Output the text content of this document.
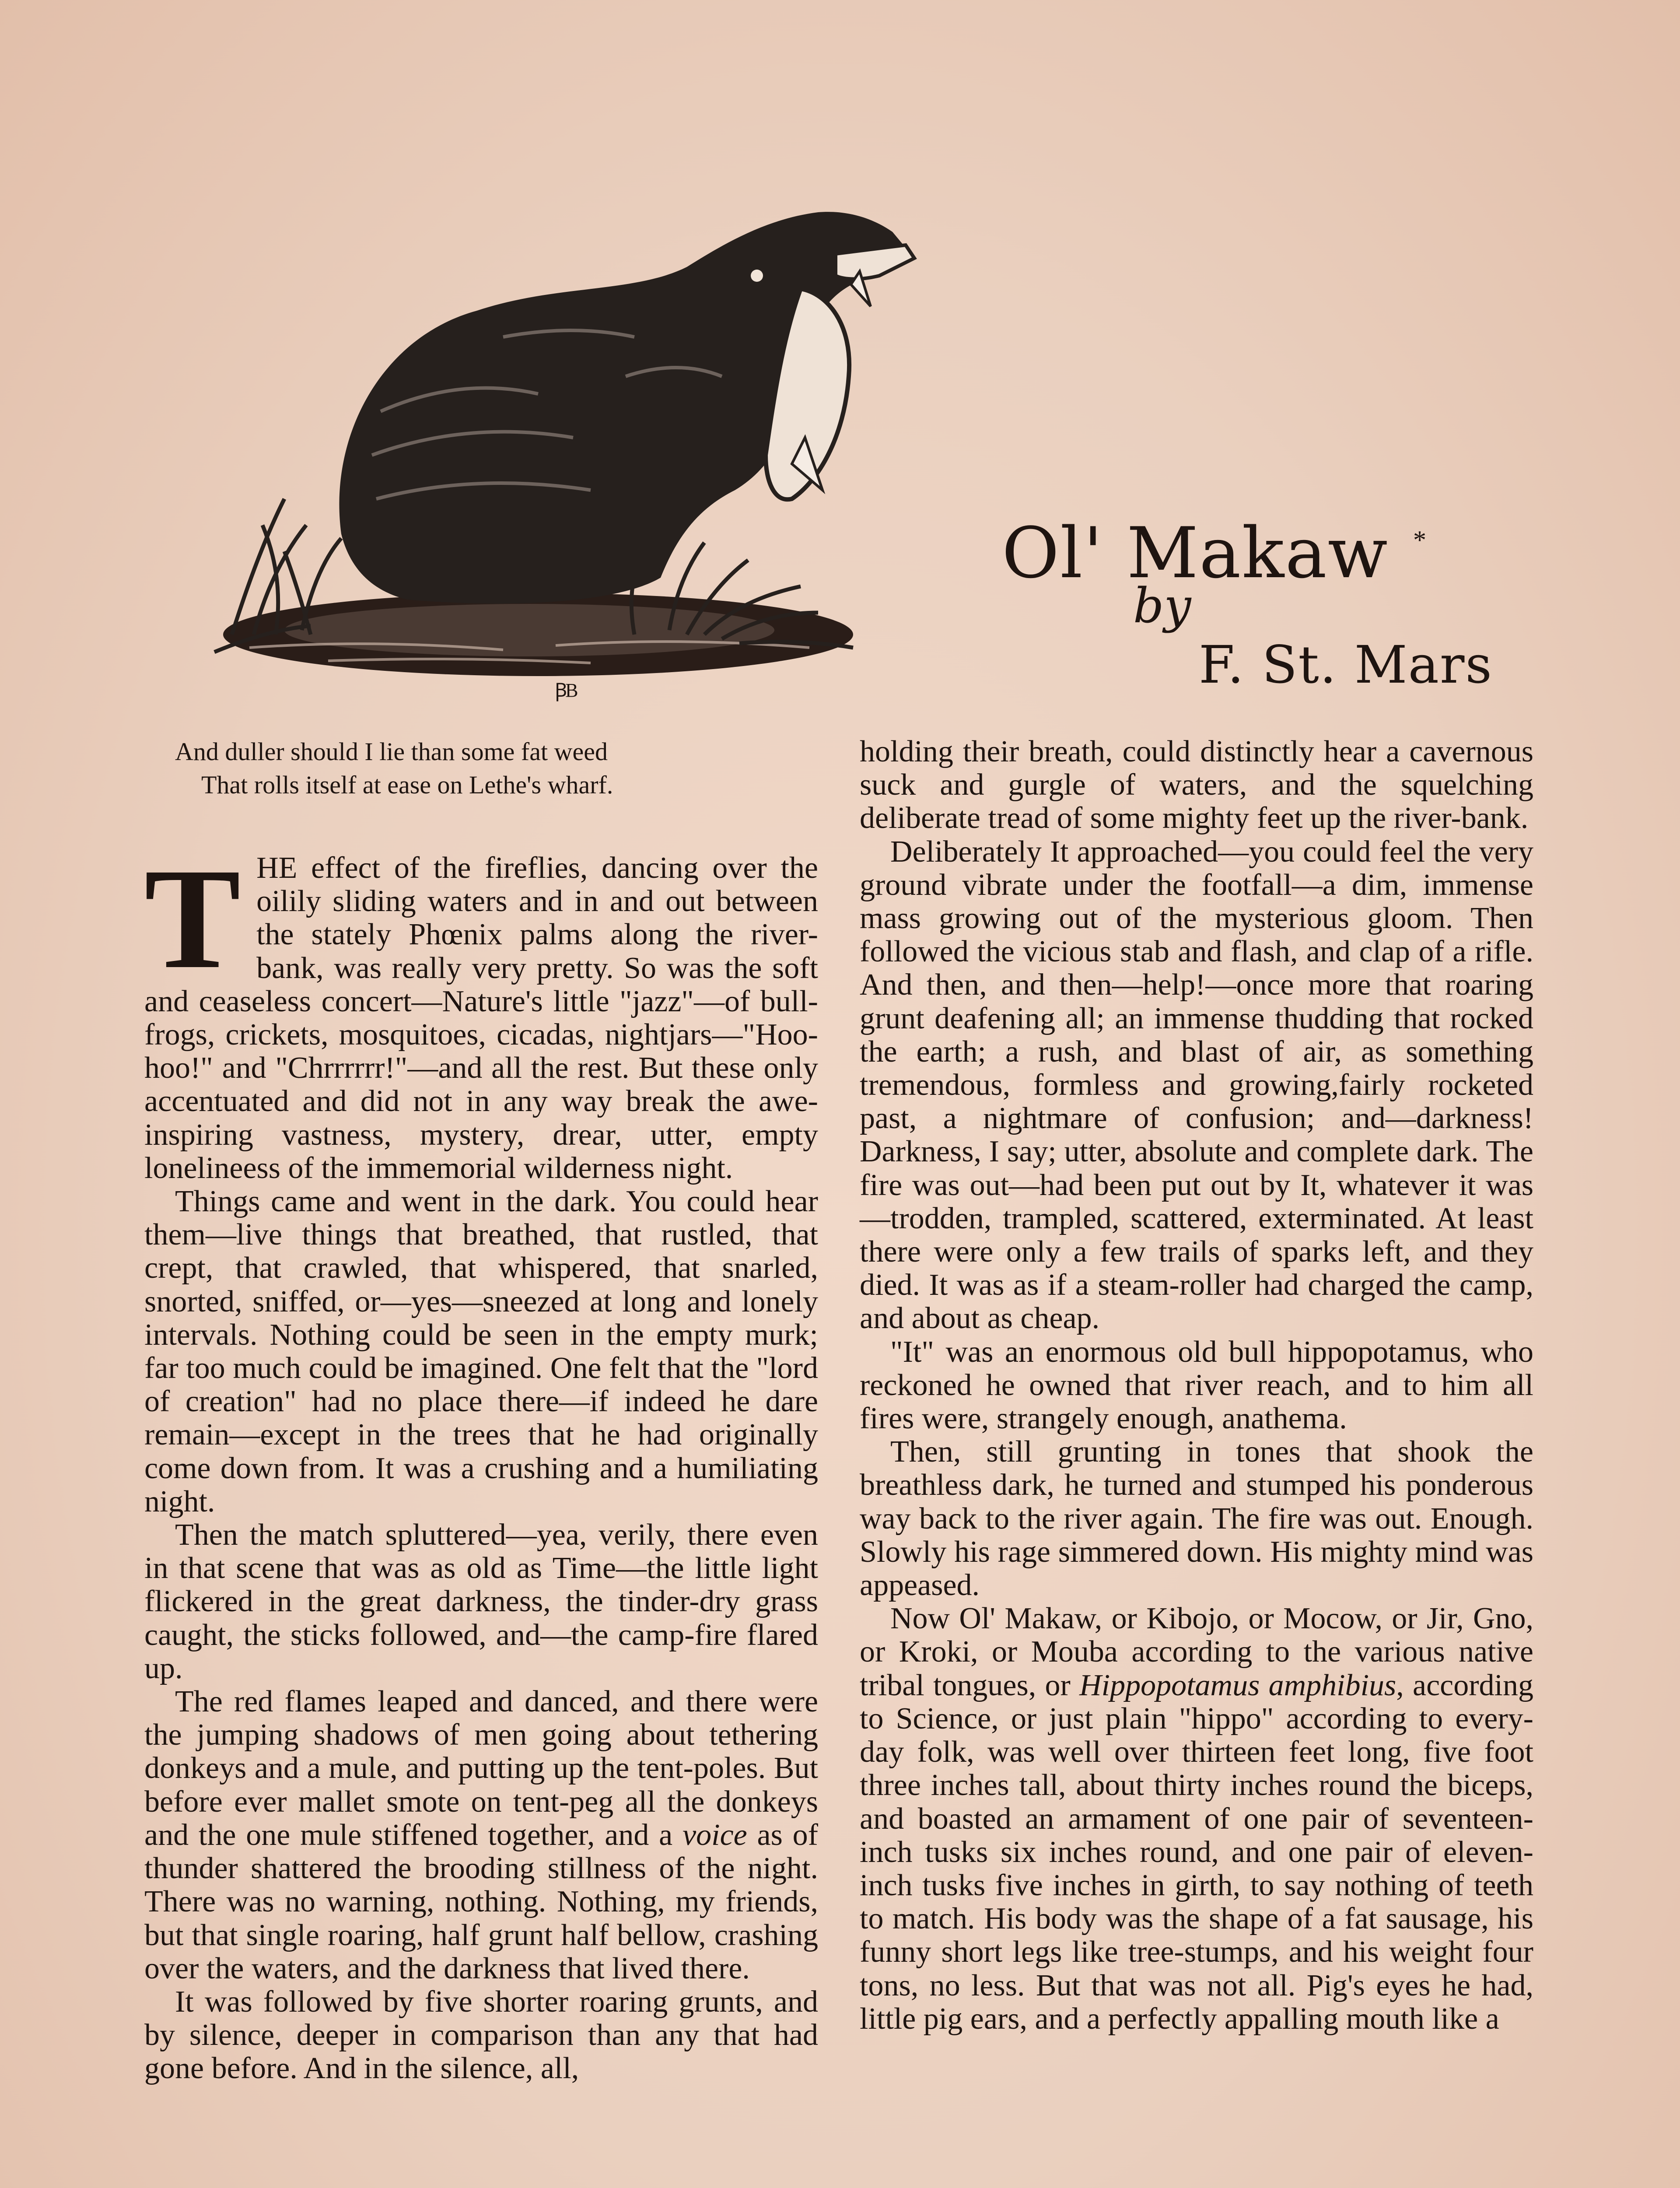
ꞴB
Ol' Makaw *
by
F. St. Mars

And duller should I lie than some fat weed

That rolls itself at ease on Lethe's wharf.

THE effect of the fireflies, dancing over the oilily sliding waters and in and out between the stately Phœnix palms along the river-bank, was really very pretty. So was the soft and ceaseless concert—Nature's little "jazz"—of bull-frogs, crickets, mosquitoes, cicadas, nightjars—"Hoo-hoo!" and "Chrrrrrr!"—and all the rest. But these only accentuated and did not in any way break the awe-inspiring vastness, mystery, drear, utter, empty lonelineess of the immemorial wilderness night.

Things came and went in the dark. You could hear them—live things that breathed, that rustled, that crept, that crawled, that whispered, that snarled, snorted, sniffed, or—yes—sneezed at long and lonely intervals. Nothing could be seen in the empty murk; far too much could be imagined. One felt that the "lord of creation" had no place there—if indeed he dare remain—except in the trees that he had originally come down from. It was a crushing and a humiliating night.

Then the match spluttered—yea, verily, there even in that scene that was as old as Time—the little light flickered in the great darkness, the tinder-dry grass caught, the sticks followed, and—the camp-fire flared up.

The red flames leaped and danced, and there were the jumping shadows of men going about tethering donkeys and a mule, and putting up the tent-poles. But before ever mallet smote on tent-peg all the donkeys and the one mule stiffened together, and a voice as of thunder shattered the brooding stillness of the night. There was no warning, nothing. Nothing, my friends, but that single roaring, half grunt half bellow, crashing over the waters, and the darkness that lived there.

It was followed by five shorter roaring grunts, and by silence, deeper in comparison than any that had gone before. And in the silence, all,

holding their breath, could distinctly hear a cavernous suck and gurgle of waters, and the squelching deliberate tread of some mighty feet up the river-bank.

Deliberately It approached—you could feel the very ground vibrate under the footfall—a dim, immense mass growing out of the mysterious gloom. Then followed the vicious stab and flash, and clap of a rifle. And then, and then—help!—once more that roaring grunt deafening all; an immense thudding that rocked the earth; a rush, and blast of air, as something tremendous, formless and growing,fairly rocketed past, a nightmare of confusion; and—darkness! Darkness, I say; utter, absolute and complete dark. The fire was out—had been put out by It, whatever it was—trodden, trampled, scattered, exterminated. At least there were only a few trails of sparks left, and they died. It was as if a steam-roller had charged the camp, and about as cheap.

"It" was an enormous old bull hippopotamus, who reckoned he owned that river reach, and to him all fires were, strangely enough, anathema.

Then, still grunting in tones that shook the breathless dark, he turned and stumped his ponderous way back to the river again. The fire was out. Enough. Slowly his rage simmered down. His mighty mind was appeased.

Now Ol' Makaw, or Kibojo, or Mocow, or Jir, Gno, or Kroki, or Mouba according to the various native tribal tongues, or Hippopotamus amphibius, according to Science, or just plain "hippo" according to every-day folk, was well over thirteen feet long, five foot three inches tall, about thirty inches round the biceps, and boasted an armament of one pair of seventeen-inch tusks six inches round, and one pair of eleven-inch tusks five inches in girth, to say nothing of teeth to match. His body was the shape of a fat sausage, his funny short legs like tree-stumps, and his weight four tons, no less. But that was not all. Pig's eyes he had, little pig ears, and a perfectly appalling mouth like a
